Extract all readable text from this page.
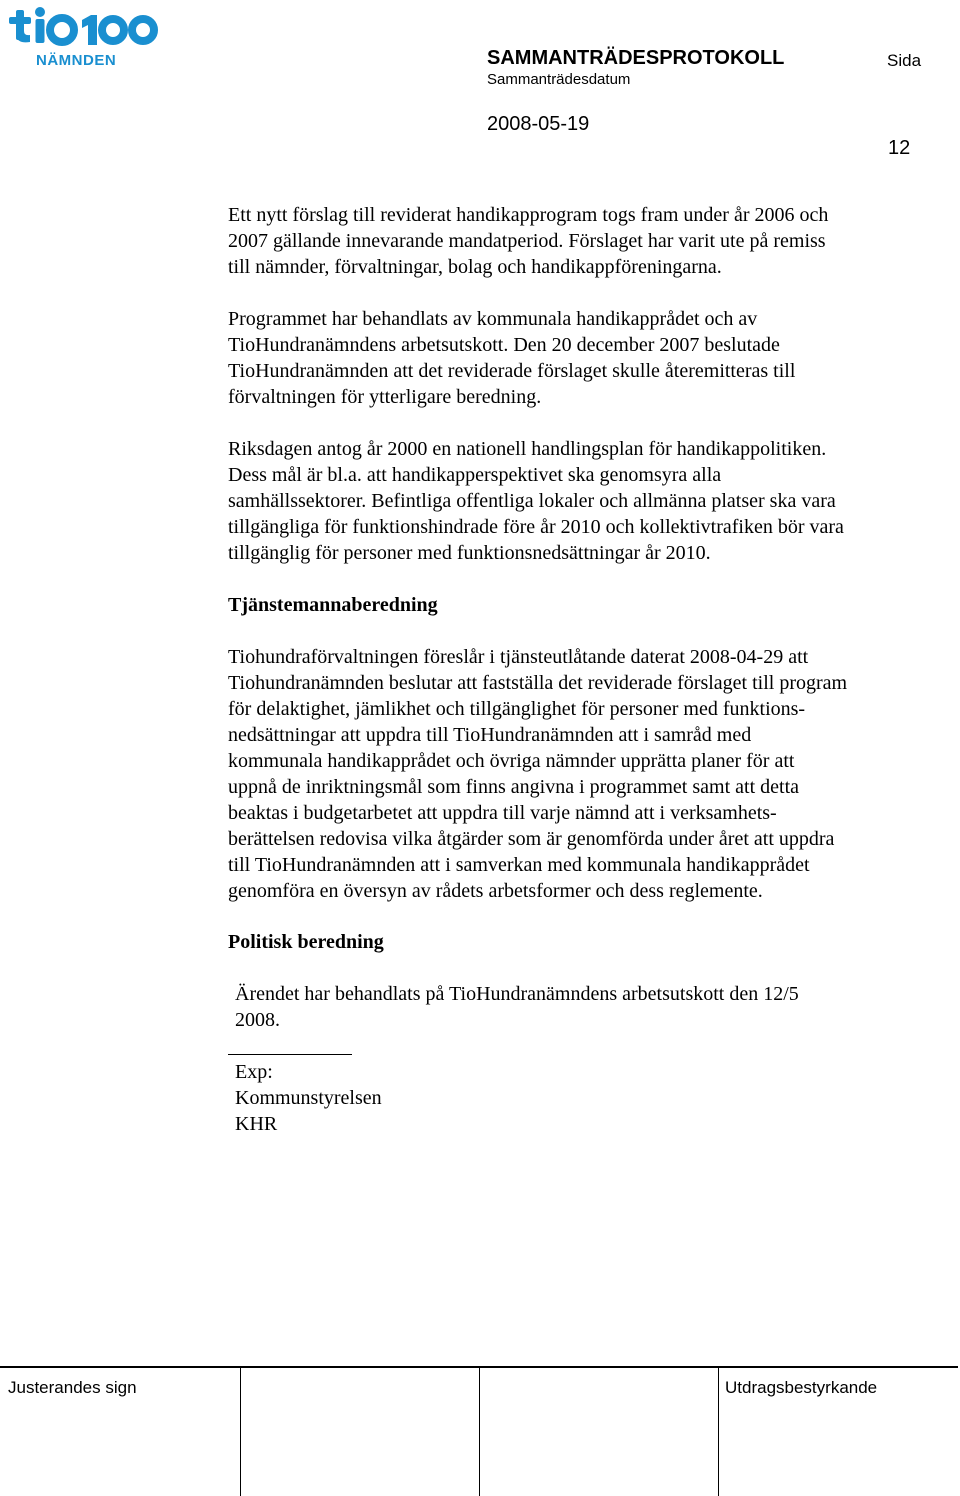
NÄMNDEN	SAMMANTRÄDESPROTOKOLL
Sammanträdesdatum
2008-05-19
Sida
12

Ett nytt förslag till reviderat handikapprogram togs fram under år 2006 och
2007 gällande innevarande mandatperiod. Förslaget har varit ute på remiss
till nämnder, förvaltningar, bolag och handikappföreningarna.

Programmet har behandlats av kommunala handikapprådet och av
TioHundranämndens arbetsutskott. Den 20 december 2007 beslutade
TioHundranämnden att det reviderade förslaget skulle återemitteras till
förvaltningen för ytterligare beredning.

Riksdagen antog år 2000 en nationell handlingsplan för handikappolitiken.
Dess mål är bl.a. att handikapperspektivet ska genomsyra alla
samhällssektorer. Befintliga offentliga lokaler och allmänna platser ska vara
tillgängliga för funktionshindrade före år 2010 och kollektivtrafiken bör vara
tillgänglig för personer med funktionsnedsättningar år 2010.

Tjänstemannaberedning

Tiohundraförvaltningen föreslår i tjänsteutlåtande daterat 2008-04-29 att
Tiohundranämnden beslutar att fastställa det reviderade förslaget till program
för delaktighet, jämlikhet och tillgänglighet för personer med funktions-
nedsättningar att uppdra till TioHundranämnden att i samråd med
kommunala handikapprådet och övriga nämnder upprätta planer för att
uppnå de inriktningsmål som finns angivna i programmet samt att detta
beaktas i budgetarbetet att uppdra till varje nämnd att i verksamhets-
berättelsen redovisa vilka åtgärder som är genomförda under året att uppdra
till TioHundranämnden att i samverkan med kommunala handikapprådet
genomföra en översyn av rådets arbetsformer och dess reglemente.

Politisk beredning

Ärendet har behandlats på TioHundranämndens arbetsutskott den 12/5
2008.

Exp:
Kommunstyrelsen
KHR

Justerandes sign	Utdragsbestyrkande
